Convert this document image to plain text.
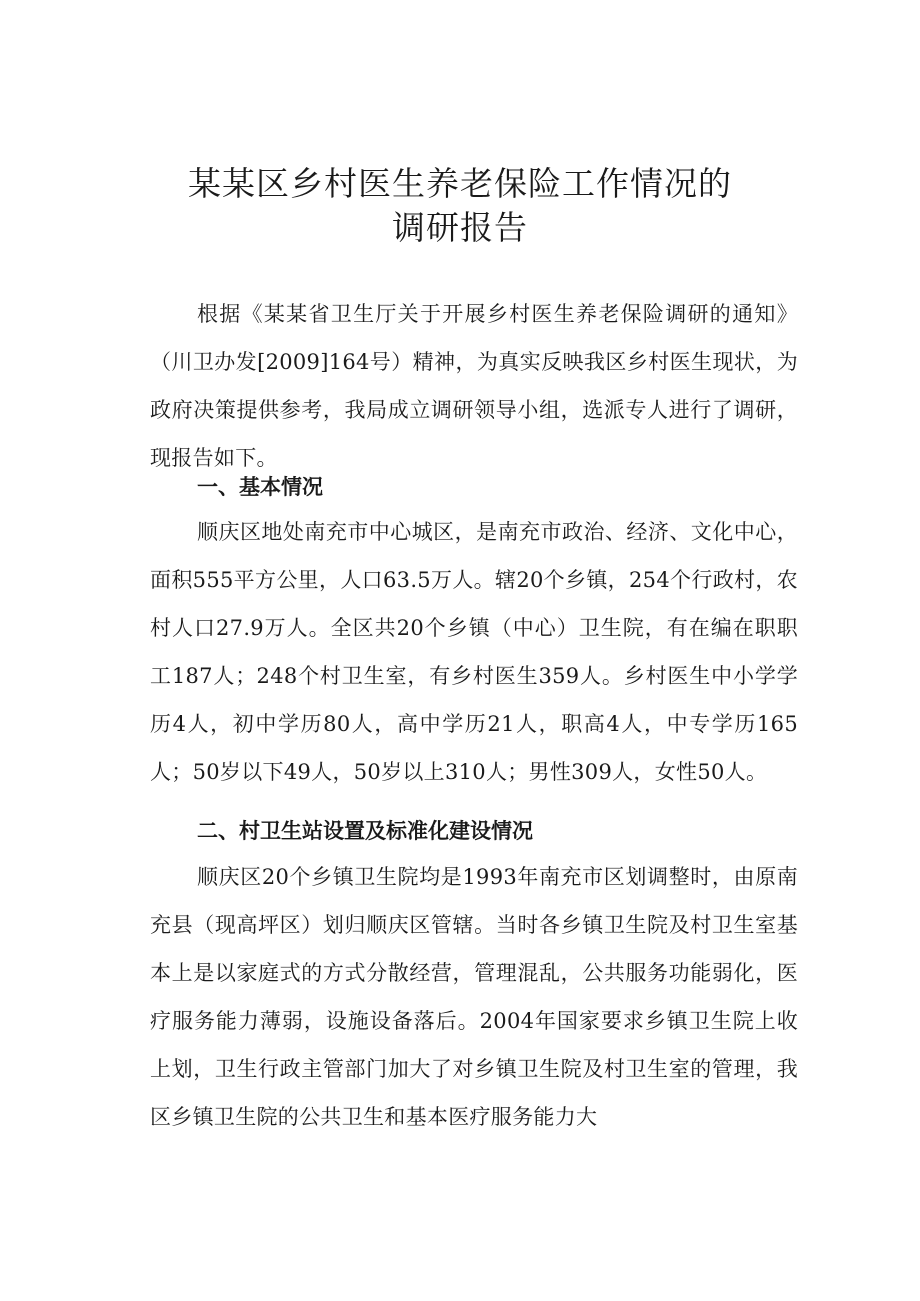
某某区乡村医生养老保险工作情况的
调研报告

根据《某某省卫生厅关于开展乡村医生养老保险调研的通知》（川卫办发[2009]164号）精神，为真实反映我区乡村医生现状，为政府决策提供参考，我局成立调研领导小组，选派专人进行了调研，现报告如下。

一、基本情况

顺庆区地处南充市中心城区，是南充市政治、经济、文化中心，面积555平方公里，人口63.5万人。辖20个乡镇，254个行政村，农村人口27.9万人。全区共20个乡镇（中心）卫生院，有在编在职职工187人；248个村卫生室，有乡村医生359人。乡村医生中小学学历4人，初中学历80人，高中学历21人，职高4人，中专学历165人；50岁以下49人，50岁以上310人；男性309人，女性50人。

二、村卫生站设置及标准化建设情况

顺庆区20个乡镇卫生院均是1993年南充市区划调整时，由原南充县（现高坪区）划归顺庆区管辖。当时各乡镇卫生院及村卫生室基本上是以家庭式的方式分散经营，管理混乱，公共服务功能弱化，医疗服务能力薄弱，设施设备落后。2004年国家要求乡镇卫生院上收上划，卫生行政主管部门加大了对乡镇卫生院及村卫生室的管理，我区乡镇卫生院的公共卫生和基本医疗服务能力大
